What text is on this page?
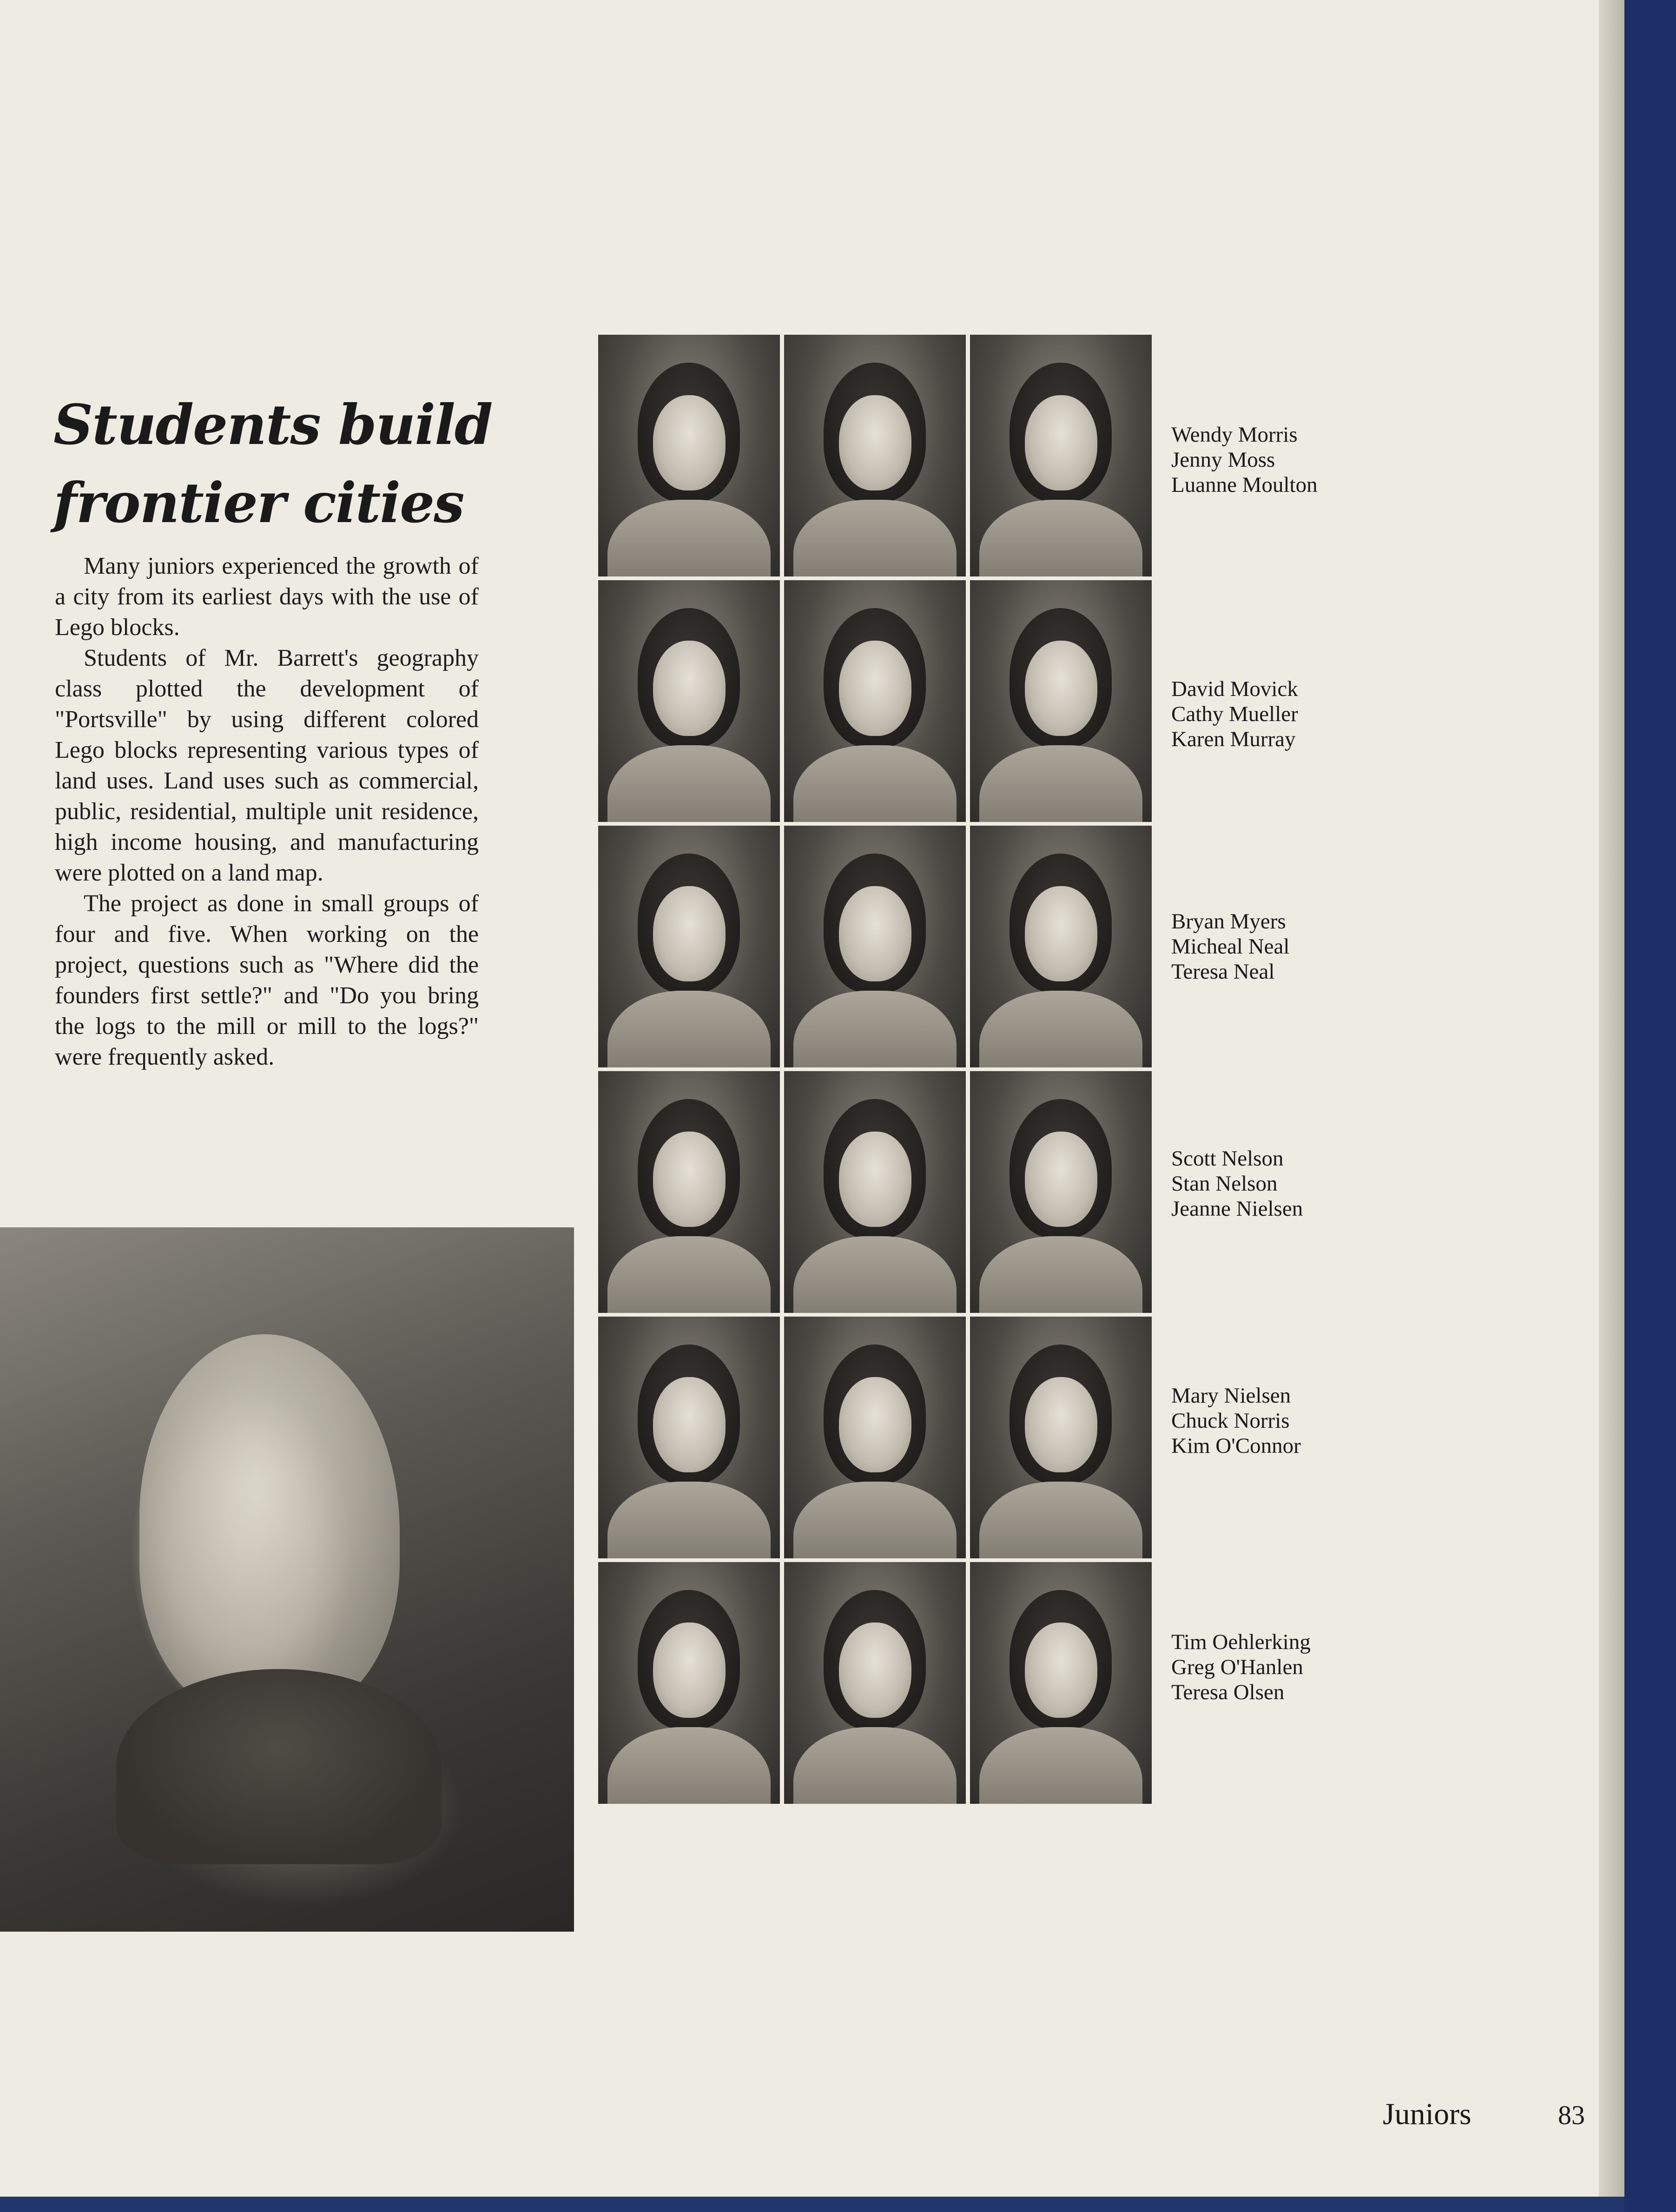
Students build
frontier cities

Many juniors experienced the growth of a city from its earliest days with the use of Lego blocks.

Students of Mr. Barrett's geography class plotted the development of "Portsville" by using different colored Lego blocks representing various types of land uses. Land uses such as commercial, public, residential, multiple unit residence, high income housing, and manufacturing were plotted on a land map.

The project as done in small groups of four and five. When working on the project, questions such as "Where did the founders first settle?" and "Do you bring the logs to the mill or mill to the logs?" were frequently asked.

Wendy Morris
Jenny Moss
Luanne Moulton
David Movick
Cathy Mueller
Karen Murray
Bryan Myers
Micheal Neal
Teresa Neal
Scott Nelson
Stan Nelson
Jeanne Nielsen
Mary Nielsen
Chuck Norris
Kim O'Connor
Tim Oehlerking
Greg O'Hanlen
Teresa Olsen
Juniors	83
